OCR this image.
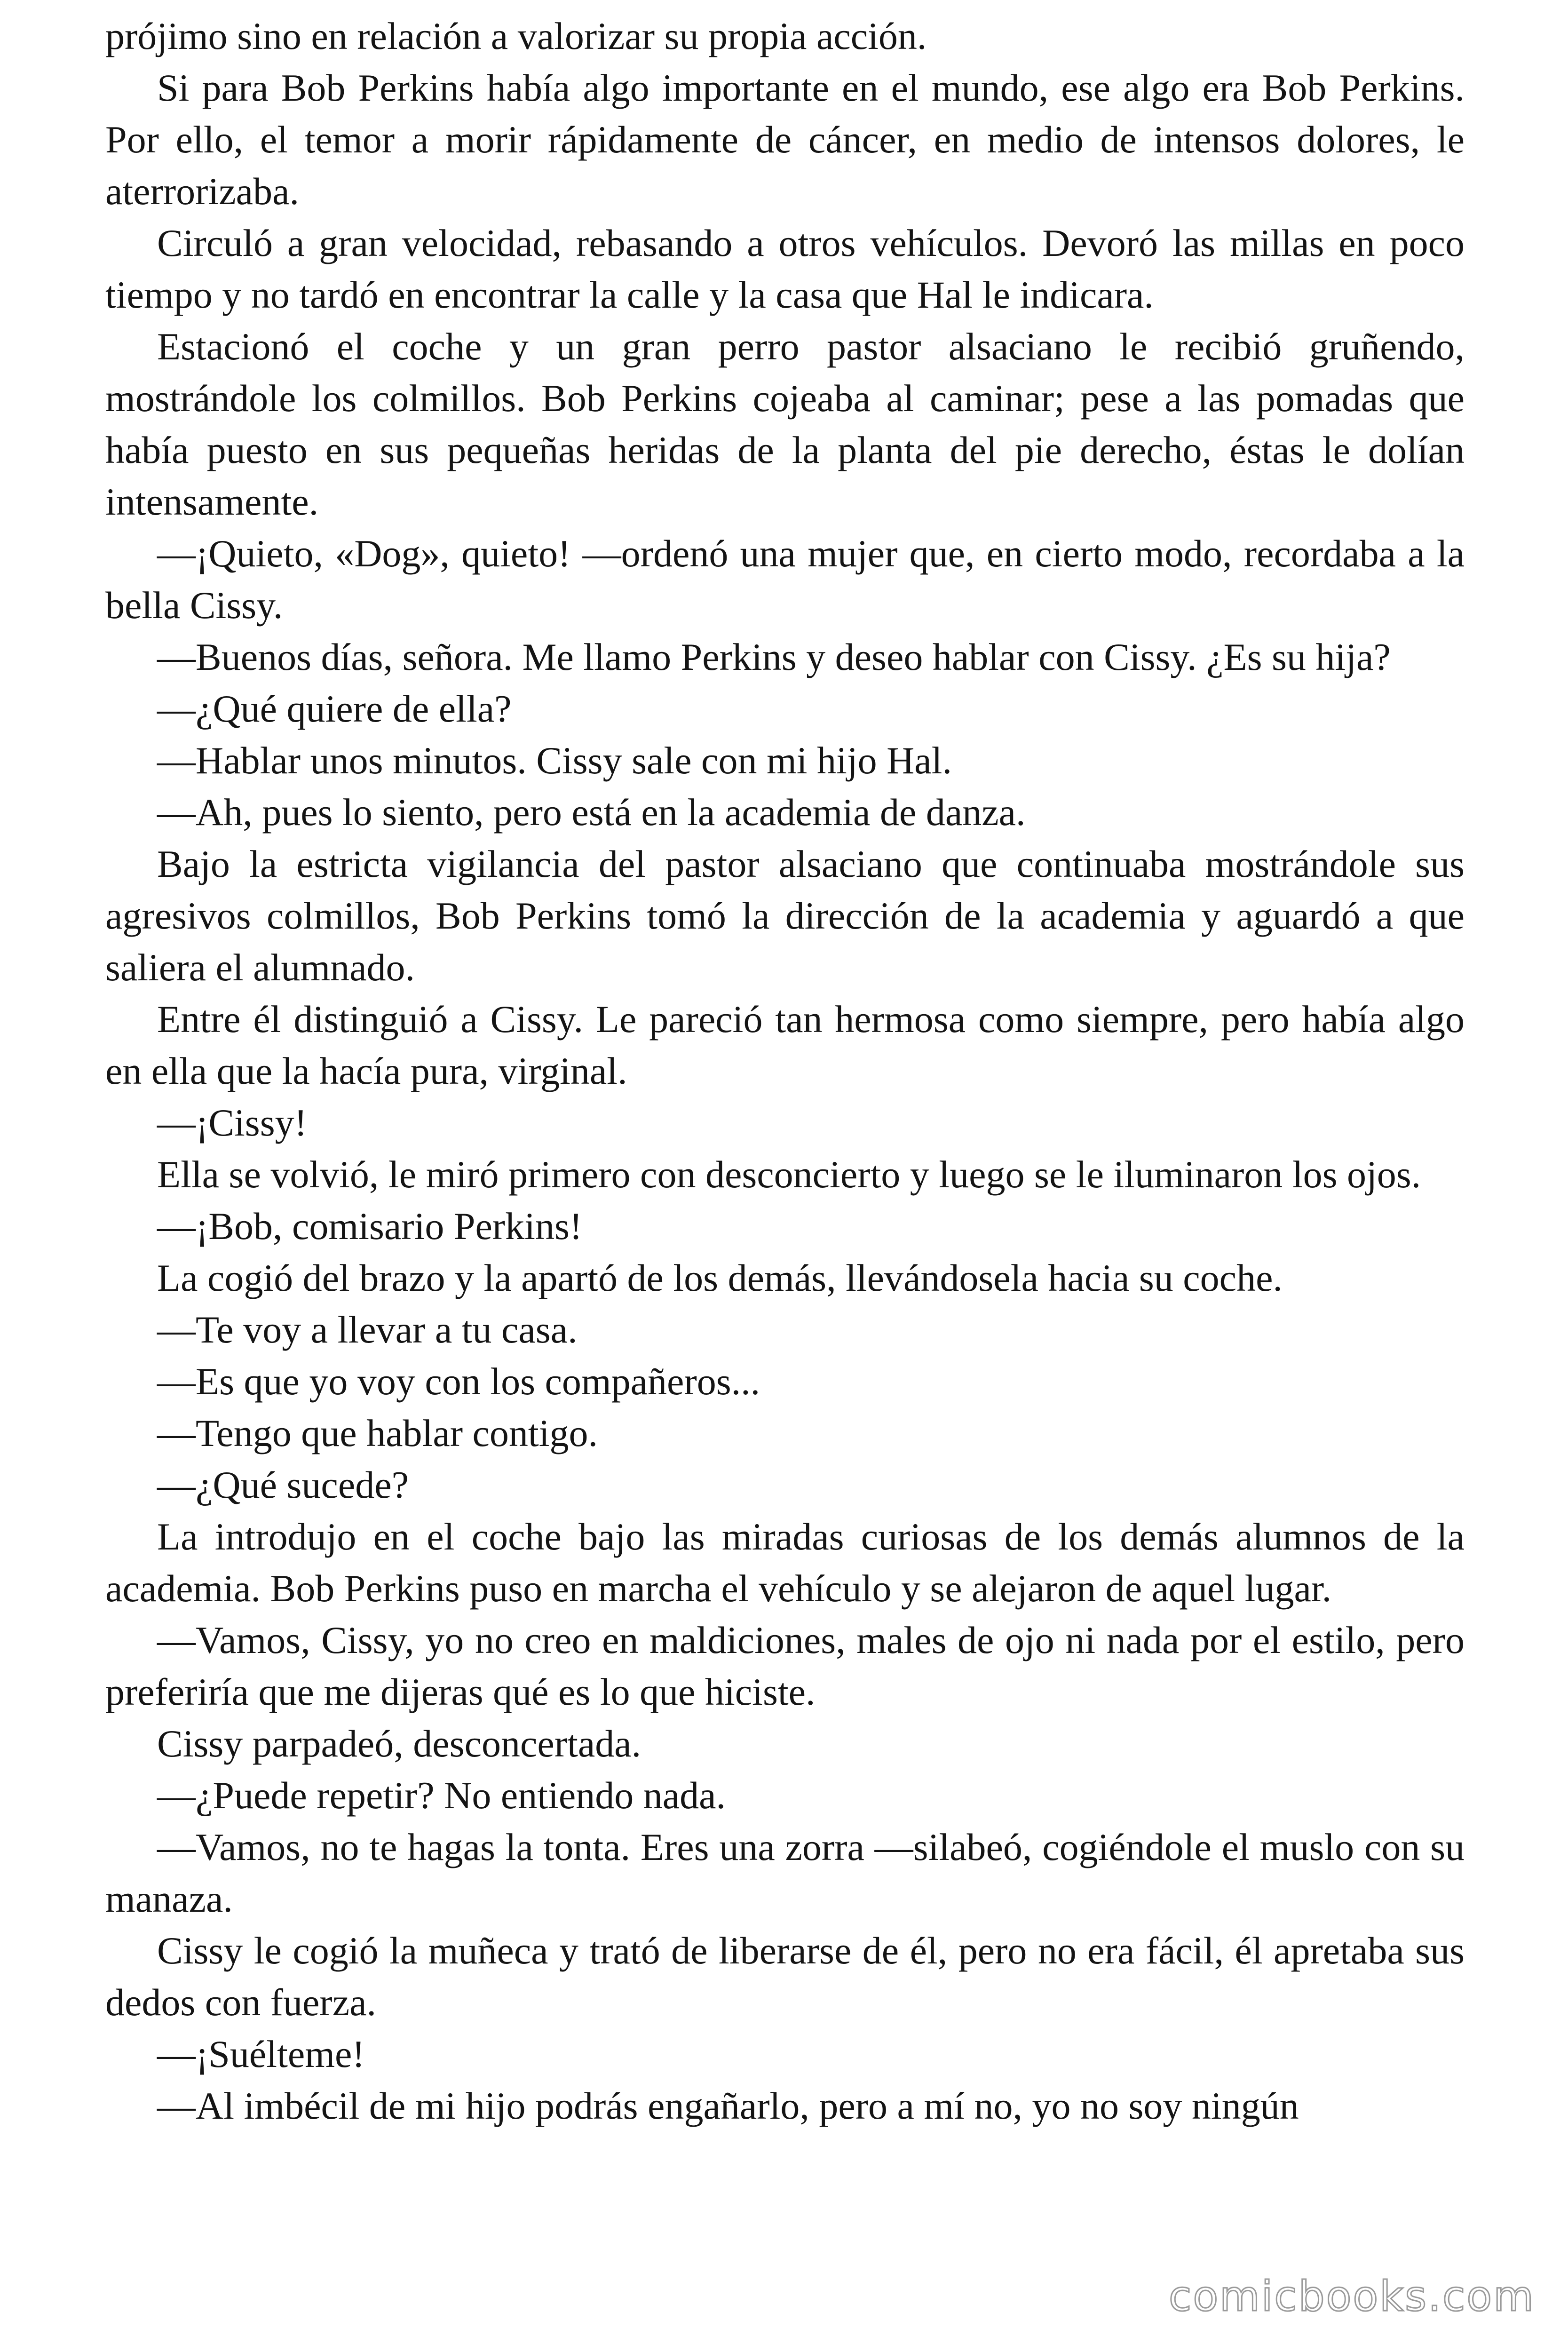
prójimo sino en relación a valorizar su propia acción.

Si para Bob Perkins había algo importante en el mundo, ese algo era Bob Perkins. Por ello, el temor a morir rápidamente de cáncer, en medio de intensos dolores, le aterrorizaba.

Circuló a gran velocidad, rebasando a otros vehículos. Devoró las millas en poco tiempo y no tardó en encontrar la calle y la casa que Hal le indicara.

Estacionó el coche y un gran perro pastor alsaciano le recibió gruñendo, mostrándole los colmillos. Bob Perkins cojeaba al caminar; pese a las pomadas que había puesto en sus pequeñas heridas de la planta del pie derecho, éstas le dolían intensamente.

—¡Quieto, «Dog», quieto! —ordenó una mujer que, en cierto modo, recordaba a la bella Cissy.

—Buenos días, señora. Me llamo Perkins y deseo hablar con Cissy. ¿Es su hija?

—¿Qué quiere de ella?

—Hablar unos minutos. Cissy sale con mi hijo Hal.

—Ah, pues lo siento, pero está en la academia de danza.

Bajo la estricta vigilancia del pastor alsaciano que continuaba mostrándole sus agresivos colmillos, Bob Perkins tomó la dirección de la academia y aguardó a que saliera el alumnado.

Entre él distinguió a Cissy. Le pareció tan hermosa como siempre, pero había algo en ella que la hacía pura, virginal.

—¡Cissy!

Ella se volvió, le miró primero con desconcierto y luego se le iluminaron los ojos.

—¡Bob, comisario Perkins!

La cogió del brazo y la apartó de los demás, llevándosela hacia su coche.

—Te voy a llevar a tu casa.

—Es que yo voy con los compañeros...

—Tengo que hablar contigo.

—¿Qué sucede?

La introdujo en el coche bajo las miradas curiosas de los demás alumnos de la academia. Bob Perkins puso en marcha el vehículo y se alejaron de aquel lugar.

—Vamos, Cissy, yo no creo en maldiciones, males de ojo ni nada por el estilo, pero preferiría que me dijeras qué es lo que hiciste.

Cissy parpadeó, desconcertada.

—¿Puede repetir? No entiendo nada.

—Vamos, no te hagas la tonta. Eres una zorra —silabeó, cogiéndole el muslo con su manaza.

Cissy le cogió la muñeca y trató de liberarse de él, pero no era fácil, él apretaba sus dedos con fuerza.

—¡Suélteme!

—Al imbécil de mi hijo podrás engañarlo, pero a mí no, yo no soy ningún

comicbooks.com
